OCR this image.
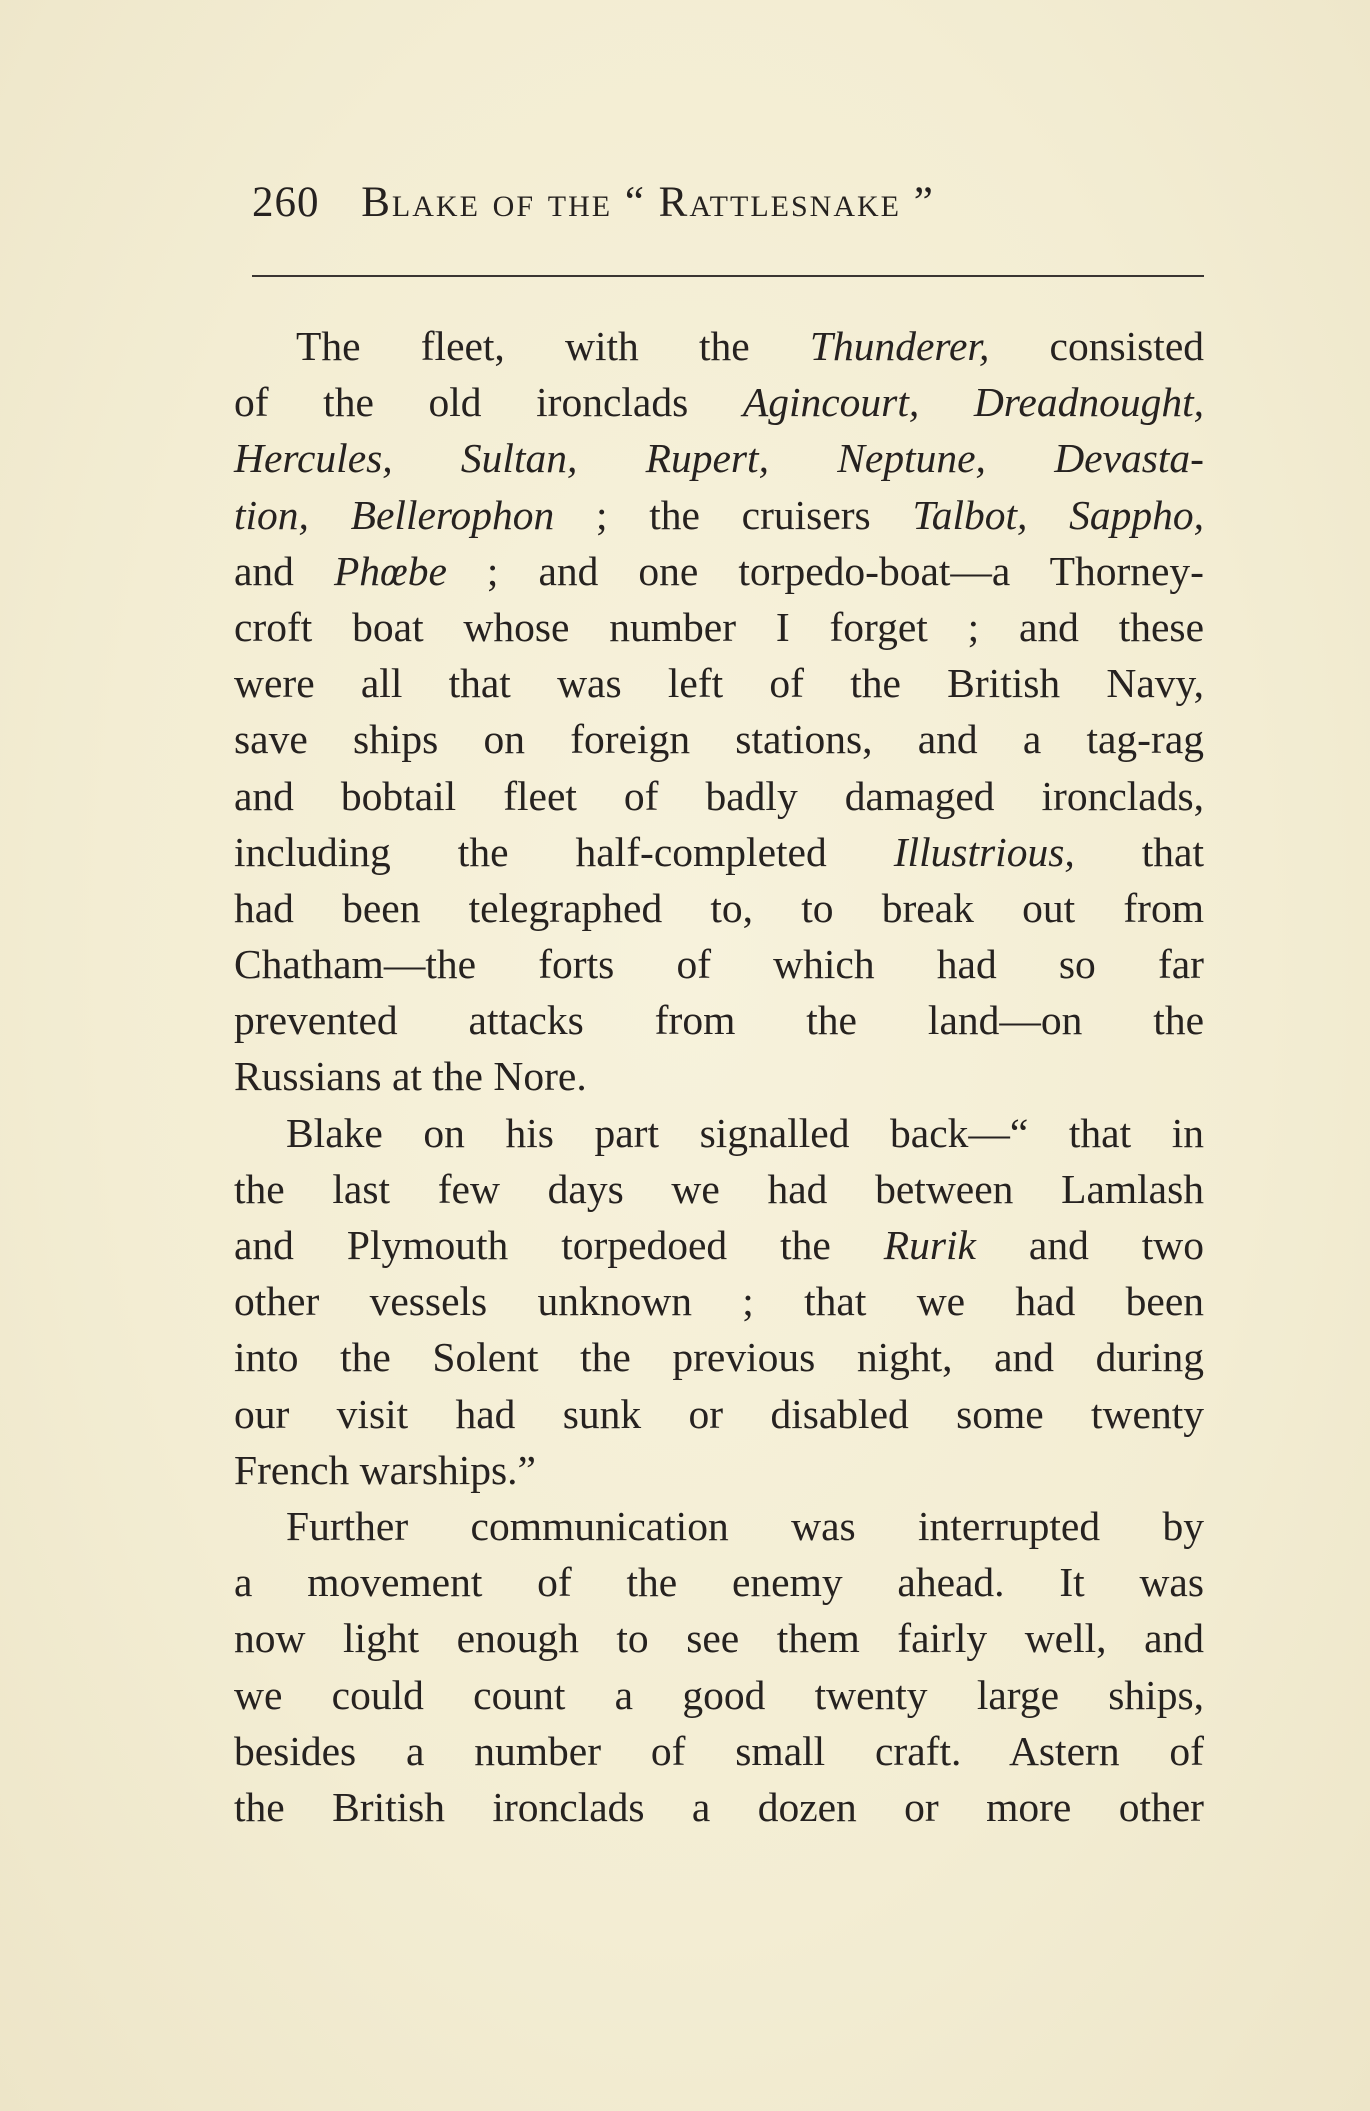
260 Blake of the “ Rattlesnake ”
The fleet, with the Thunderer, consisted
of the old ironclads Agincourt, Dreadnought,
Hercules, Sultan, Rupert, Neptune, Devasta-
tion, Bellerophon ; the cruisers Talbot, Sappho,
and Phœbe ; and one torpedo-boat—a Thorney-
croft boat whose number I forget ; and these
were all that was left of the British Navy,
save ships on foreign stations, and a tag-rag
and bobtail fleet of badly damaged ironclads,
including the half-completed Illustrious, that
had been telegraphed to, to break out from
Chatham—the forts of which had so far
prevented attacks from the land—on the
Russians at the Nore.
Blake on his part signalled back—“ that in
the last few days we had between Lamlash
and Plymouth torpedoed the Rurik and two
other vessels unknown ; that we had been
into the Solent the previous night, and during
our visit had sunk or disabled some twenty
French warships.”
Further communication was interrupted by
a movement of the enemy ahead. It was
now light enough to see them fairly well, and
we could count a good twenty large ships,
besides a number of small craft. Astern of
the British ironclads a dozen or more other
